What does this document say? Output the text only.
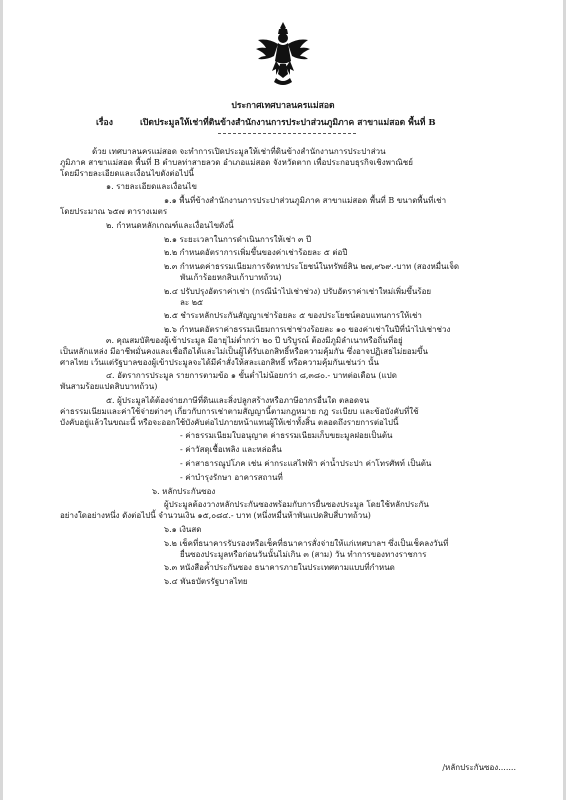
ประกาศเทศบาลนครแม่สอด
เรื่อง	เปิดประมูลให้เช่าที่ดินข้างสำนักงานการประปาส่วนภูมิภาค สาขาแม่สอด พื้นที่ B

ด้วย เทศบาลนครแม่สอด จะทำการเปิดประมูลให้เช่าที่ดินข้างสำนักงานการประปาส่วน

ภูมิภาค สาขาแม่สอด พื้นที่ B ตำบลท่าสายลวด อำเภอแม่สอด จังหวัดตาก เพื่อประกอบธุรกิจเชิงพาณิชย์

โดยมีรายละเอียดและเงื่อนไขดังต่อไปนี้

๑. รายละเอียดและเงื่อนไข

๑.๑ พื้นที่ข้างสำนักงานการประปาส่วนภูมิภาค สาขาแม่สอด พื้นที่ B ขนาดพื้นที่เช่า

โดยประมาณ ๖๕๗ ตารางเมตร

๒. กำหนดหลักเกณฑ์และเงื่อนไขดังนี้

๒.๑ ระยะเวลาในการดำเนินการให้เช่า ๓ ปี

๒.๒ กำหนดอัตราการเพิ่มขึ้นของค่าเช่าร้อยละ ๕ ต่อปี

๒.๓ กำหนดค่าธรรมเนียมการจัดหาประโยชน์ในทรัพย์สิน ๒๗,๙๖๙.-บาท (สองหมื่นเจ็ด

พันเก้าร้อยหกสิบเก้าบาทถ้วน)

๒.๔ ปรับปรุงอัตราค่าเช่า (กรณีนำไปเช่าช่วง) ปรับอัตราค่าเช่าใหม่เพิ่มขึ้นร้อย

ละ ๒๕

๒.๕ ชำระหลักประกันสัญญาเช่าร้อยละ ๕ ของประโยชน์ตอบแทนการให้เช่า

๒.๖ กำหนดอัตราค่าธรรมเนียมการเช่าช่วงร้อยละ ๑๐ ของค่าเช่าในปีที่นำไปเช่าช่วง

๓. คุณสมบัติของผู้เข้าประมูล มีอายุไม่ต่ำกว่า ๒๐ ปี บริบูรณ์ ต้องมีภูมิลำเนาหรือถิ่นที่อยู่

เป็นหลักแหล่ง มีอาชีพมั่นคงและเชื่อถือได้และไม่เป็นผู้ได้รับเอกสิทธิ์หรือความคุ้มกัน ซึ่งอาจปฏิเสธไม่ยอมขึ้น

ศาลไทย เว้นแต่รัฐบาลของผู้เข้าประมูลจะได้มีคำสั่งให้สละเอกสิทธิ์ หรือความคุ้มกันเช่นว่า นั้น

๔. อัตราการประมูล รายการตามข้อ ๑ ขั้นต่ำไม่น้อยกว่า ๘,๓๘๐.- บาทต่อเดือน (แปด

พันสามร้อยแปดสิบบาทถ้วน)

๕. ผู้ประมูลได้ต้องจ่ายภาษีที่ดินและสิ่งปลูกสร้างหรือภาษีอากรอื่นใด ตลอดจน

ค่าธรรมเนียมและค่าใช้จ่ายต่างๆ เกี่ยวกับการเช่าตามสัญญานี้ตามกฎหมาย กฎ ระเบียบ และข้อบังคับที่ใช้

บังคับอยู่แล้วในขณะนี้ หรือจะออกใช้บังคับต่อไปภายหน้าแทนผู้ให้เช่าทั้งสิ้น ตลอดถึงรายการต่อไปนี้

- ค่าธรรมเนียมใบอนุญาต ค่าธรรมเนียมเก็บขยะมูลฝอยเป็นต้น

- ค่าวัสดุเชื้อเพลิง และหล่อลื่น

- ค่าสาธารณูปโภค เช่น ค่ากระแสไฟฟ้า ค่าน้ำประปา ค่าโทรศัพท์ เป็นต้น

- ค่าบำรุงรักษา อาคารสถานที่

๖. หลักประกันซอง

ผู้ประมูลต้องวางหลักประกันซองพร้อมกับการยื่นซองประมูล โดยใช้หลักประกัน

อย่างใดอย่างหนึ่ง ดังต่อไปนี้ จำนวนเงิน ๑๕,๐๘๔.- บาท (หนึ่งหมื่นห้าพันแปดสิบสี่บาทถ้วน)

๖.๑ เงินสด

๖.๒ เช็คที่ธนาคารรับรองหรือเช็คที่ธนาคารสั่งจ่ายให้แก่เทศบาลฯ ซึ่งเป็นเช็คลงวันที่

ยื่นซองประมูลหรือก่อนวันนั้นไม่เกิน ๓ (สาม) วัน ทำการของทางราชการ

๖.๓ หนังสือค้ำประกันซอง ธนาคารภายในประเทศตามแบบที่กำหนด

๖.๔ พันธบัตรรัฐบาลไทย

/หลักประกันซอง.......
